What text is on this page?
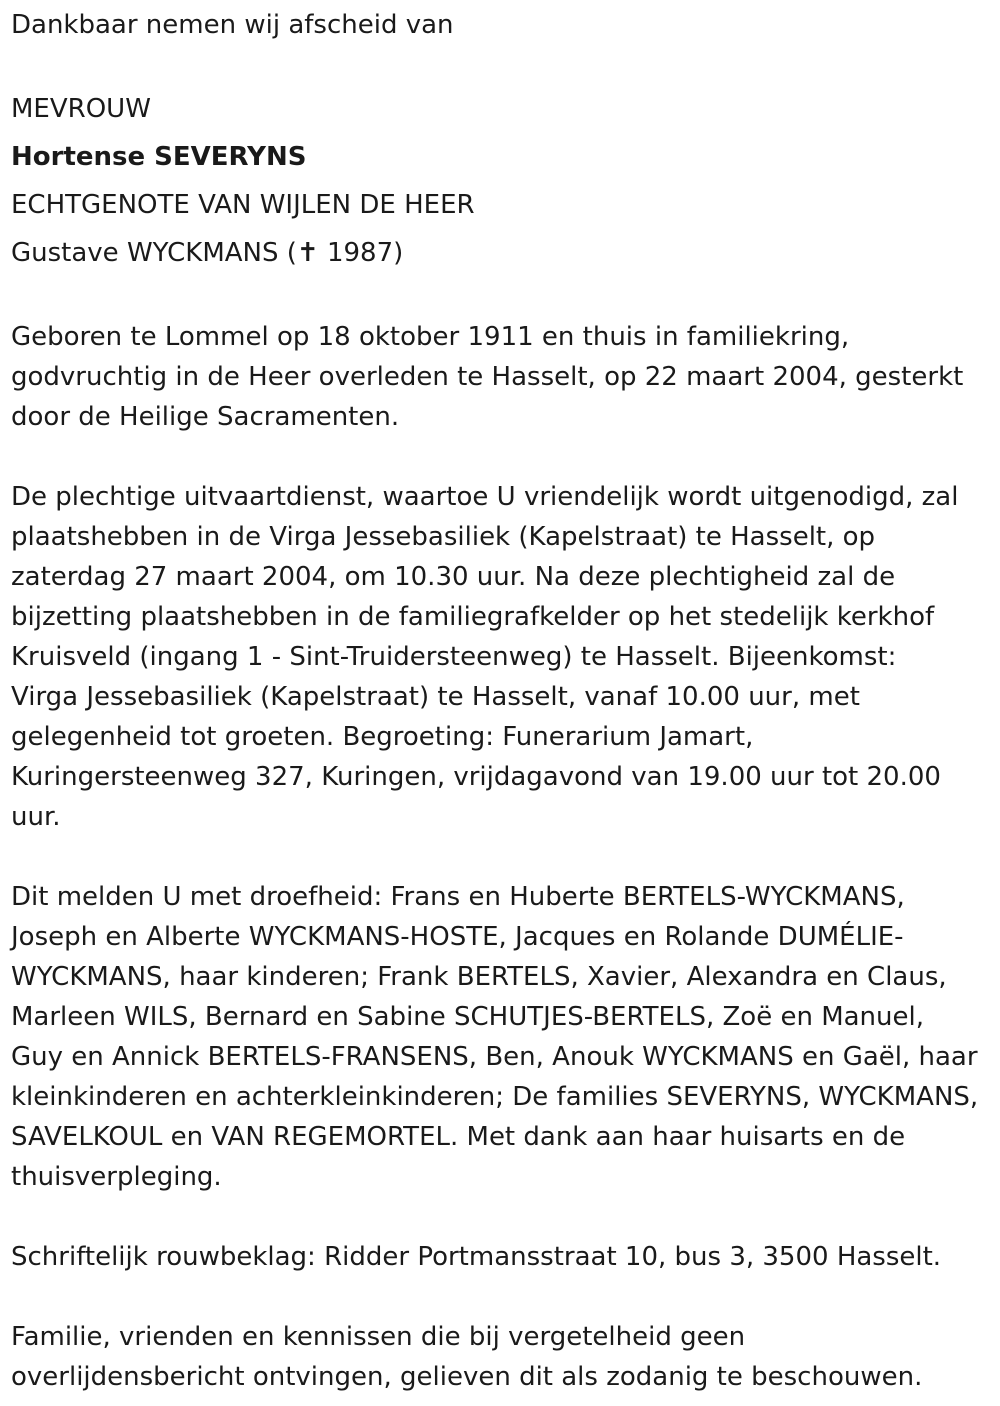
Dankbaar nemen wij afscheid van

MEVROUW

Hortense SEVERYNS

ECHTGENOTE VAN WIJLEN DE HEER

Gustave WYCKMANS (✝ 1987)

Geboren te Lommel op 18 oktober 1911 en thuis in familiekring,
godvruchtig in de Heer overleden te Hasselt, op 22 maart 2004, gesterkt
door de Heilige Sacramenten.

De plechtige uitvaartdienst, waartoe U vriendelijk wordt uitgenodigd, zal
plaatshebben in de Virga Jessebasiliek (Kapelstraat) te Hasselt, op
zaterdag 27 maart 2004, om 10.30 uur. Na deze plechtigheid zal de
bijzetting plaatshebben in de familiegrafkelder op het stedelijk kerkhof
Kruisveld (ingang 1 - Sint-Truidersteenweg) te Hasselt. Bijeenkomst:
Virga Jessebasiliek (Kapelstraat) te Hasselt, vanaf 10.00 uur, met
gelegenheid tot groeten. Begroeting: Funerarium Jamart,
Kuringersteenweg 327, Kuringen, vrijdagavond van 19.00 uur tot 20.00
uur.

Dit melden U met droefheid: Frans en Huberte BERTELS-WYCKMANS,
Joseph en Alberte WYCKMANS-HOSTE, Jacques en Rolande DUMÉLIE-
WYCKMANS, haar kinderen; Frank BERTELS, Xavier, Alexandra en Claus,
Marleen WILS, Bernard en Sabine SCHUTJES-BERTELS, Zoë en Manuel,
Guy en Annick BERTELS-FRANSENS, Ben, Anouk WYCKMANS en Gaël, haar
kleinkinderen en achterkleinkinderen; De families SEVERYNS, WYCKMANS,
SAVELKOUL en VAN REGEMORTEL. Met dank aan haar huisarts en de
thuisverpleging.

Schriftelijk rouwbeklag: Ridder Portmansstraat 10, bus 3, 3500 Hasselt.

Familie, vrienden en kennissen die bij vergetelheid geen
overlijdensbericht ontvingen, gelieven dit als zodanig te beschouwen.
